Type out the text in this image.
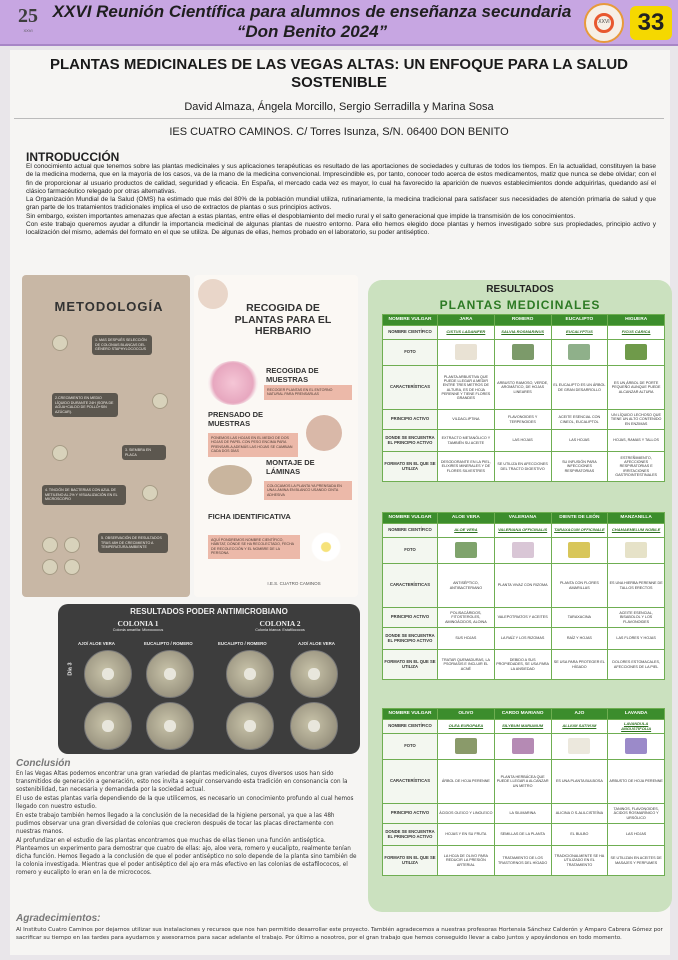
25
XXVI
XXVI Reunión Científica para alumnos de enseñanza secundaria
“Don Benito 2024”	XXVI	33
PLANTAS MEDICINALES DE LAS VEGAS ALTAS: UN ENFOQUE PARA LA SALUD SOSTENIBLE
David Almaza, Ángela Morcillo, Sergio Serradilla y Marina Sosa
IES CUATRO CAMINOS. C/ Torres Isunza, S/N. 06400 DON BENITO
INTRODUCCIÓN

El conocimiento actual que tenemos sobre las plantas medicinales y sus aplicaciones terapéuticas es resultado de las aportaciones de sociedades y culturas de todos los tiempos. En la actualidad, constituyen la base de la medicina moderna, que en la mayoría de los casos, va de la mano de la medicina convencional. Imprescindible es, por tanto, conocer todo acerca de estos medicamentos, matiz que nunca se debe olvidar; con el fin de proporcionar al usuario productos de calidad, seguridad y eficacia. En España, el mercado cada vez es mayor, lo cual ha favorecido la aparición de nuevos establecimientos donde adquirirlas, quedando así el clásico farmacéutico relegado por otras alternativas.

La Organización Mundial de la Salud (OMS) ha estimado que más del 80% de la población mundial utiliza, rutinariamente, la medicina tradicional para satisfacer sus necesidades de atención primaria de salud y que gran parte de los tratamientos tradicionales implica el uso de extractos de plantas o sus principios activos.

Sin embargo, existen importantes amenazas que afectan a estas plantas, entre ellas el despoblamiento del medio rural y el salto generacional que impide la transmisión de los conocimientos.

Con este trabajo queremos ayudar a difundir la importancia medicinal de algunas plantas de nuestro entorno. Para ello hemos elegido doce plantas y hemos investigado sobre sus propiedades, principio activo y localización del mismo, además del formato en el que se utiliza. De algunas de ellas, hemos probado en el laboratorio, su poder antiséptico.

METODOLOGÍA
1. MAS DESPUÉS SELECCIÓN DE COLONIAS BLANCAS DEL GÉNERO STAPHYLOCOCCUS
2.CRECIMIENTO EN MEDIO LÍQUIDO DURANTE 24H (SOPA DE AGUA+CALDO DE POLLO+SIN AZÚCAR).
3. SIEMBRA EN PLACA
4. TINCIÓN DE BACTERIAS CON AZUL DE METILENO AL 2% Y VISUALIZACIÓN EN EL MICROSCOPIO
5. OBSERVACIÓN DE RESULTADOS TRAS 48H DE CRECIMIENTO A TEMPERATURA AMBIENTE
RECOGIDA DE PLANTAS PARA EL HERBARIO
RECOGIDA DE MUESTRAS
RECOGER PLANTAS EN EL ENTORNO NATURAL PARA PRENSARLAS
PRENSADO DE MUESTRAS
PONEMOS LAS HOJAS EN EL MEDIO DE DOS HOJAS DE PAPEL CON PESO ENCIMA PARA PRENSARLA ADEMÁS LAS HOJAS SE CAMBIAN CADA DOS DÍAS
MONTAJE DE LÁMINAS
COLOCAMOS LA PLANTA YA PRENSADA EN UNA LÁMINA EN BLANCO USANDO CINTA ADHESIVA
FICHA IDENTIFICATIVA
AQUÍ PONDREMOS NOMBRE CIENTÍFICO, HÁBITAT, DÓNDE SE HA RECOLECTADO, FECHA DE RECOLECCIÓN Y EL NOMBRE DE LA PERSONA
I.E.S. CUATRO CAMINOS
RESULTADOS PODER ANTIMICROBIANO
COLONIA 1
Colonia amarilla: Micrococcus
COLONIA 2
Colonia blanca: Estafilococos
AJO/ ALOE VERA	EUCALIPTO / ROMERO	EUCALIPTO / ROMERO	AJO/ ALOE VERA
Día 3
Conclusión

En las Vegas Altas podemos encontrar una gran variedad de plantas medicinales, cuyos diversos usos han sido transmitidos de generación a generación, esto nos invita a seguir conservando esta tradición en consonancia con la sostenibilidad, tan necesaria y demandada por la sociedad actual.

El uso de estas plantas varía dependiendo de la que utilicemos, es necesario un conocimiento profundo al cual hemos llegado con nuestro estudio.

En este trabajo también hemos llegado a la conclusión de la necesidad de la higiene personal, ya que a las 48h pudimos observar una gran diversidad de colonias que crecieron después de tocar las placas directamente con nuestras manos.

Al profundizar en el estudio de las plantas encontramos que muchas de ellas tienen una función antiséptica. Planteamos un experimento para demostrar que cuatro de ellas: ajo, aloe vera, romero y eucalipto, realmente tenían dicha función. Hemos llegado a la conclusión de que el poder antiséptico no solo depende de la planta sino también de la colonia investigada. Mientras que el poder antiséptico del ajo era más efectivo en las colonias de estafilococos, el romero y eucalipto lo eran en la de micrococos.

Agradecimientos:
Al Instituto Cuatro Caminos por dejarnos utilizar sus instalaciones y recursos que nos han permitido desarrollar este proyecto. También agradecemos a nuestras profesoras Hortensia Sánchez Calderón y Amparo Cabrera Gómez por sacrificar su tiempo en las tardes para ayudarnos y asesorarnos para sacar adelante el trabajo. Por último a nosotros, por el gran trabajo que hemos conseguido llevar a cabo juntos y apoyándonos en todo momento.
RESULTADOS
PLANTAS MEDICINALES
NOMBRE VULGAR	JARA	ROMERO	EUCALIPTO	HIGUERA
NOMBRE CIENTÍFICO	CISTUS LADANIFER	SALVIA ROSMARINUS	EUCALYPTUS	FICUS CARICA
FOTO				
CARACTERÍSTICAS	PLANTA ARBUSTIVA QUE PUEDE LLEGAR A MEDIR ENTRE TRES METROS DE ALTURA, ES DE HOJA PERENNE Y TIENE FLORES GRANDES	ARBUSTO RAMOSO, VERDE, AROMÁTICO, DE HOJAS LINEARES	EL EUCALIPTO ES UN ÁRBOL DE GRAN DESARROLLO	ES UN ÁRBOL DE PORTE PEQUEÑO AUNQUE PUEDE ALCANZAR ALTURA
PRINCIPIO ACTIVO	VILDACLIPTINA	FLAVONOIDES Y TERPENOIDES	ACEITE ESENCIAL CON CINEOL, EUCALIPTOL	UN LÍQUIDO LECHOSO QUE TIENE UN ALTO CONTENIDO EN ENZIMAS
DONDE SE ENCUENTRA EL PRINCIPIO ACTIVO	EXTRACTO METANÓLICO Y TAMBIÉN SU ACEITE	LAS HOJAS	LAS HOJAS	HOJAS, RAMAS Y TALLOS
FORMATO EN EL QUE SE UTILIZA	DESODORANTE EN LA PIEL, ELIXIRES MINERALES Y DE FLORES SILVESTRES	SE UTILIZA EN AFECCIONES DEL TRACTO DIGESTIVO	SU INFUSIÓN PARA INFECCIONES RESPIRATORIAS	ESTREÑIMIENTO, AFECCIONES RESPIRATORIAS E IRRITACIONES GASTROINTESTINALES
NOMBRE VULGAR	ALOE VERA	VALERIANA	DIENTE DE LEÓN	MANZANILLA
NOMBRE CIENTÍFICO	ALOE VERA	VALERIANA OFFICINALIS	TARAXACUM OFFICINALE	CHAMAEMELUM NOBILE
FOTO				
CARACTERÍSTICAS	ANTISÉPTICO, ANTIBACTERIANO	PLANTA VIVAZ CON RIZOMA	PLANTA CON FLORES AMARILLAS	ES UNA HIERBA PERENNE DE TALLOS ERECTOS
PRINCIPIO ACTIVO	POLISACÁRIDOS, FITOSTEROLES, AMINOÁCIDOS, ALOINA	VALEPOTRIATOS Y ACEITES	TARAXACINA	ACEITE ESENCIAL, BISABOLOL Y LOS FLAVONOIDES
DONDE SE ENCUENTRA EL PRINCIPIO ACTIVO	SUS HOJAS	LA RAÍZ Y LOS RIZOMAS	RAÍZ Y HOJAS	LAS FLORES Y HOJAS
FORMATO EN EL QUE SE UTILIZA	TRATAR QUEMADURAS, LA PSORIASIS E INCLUIR EL ACNÉ	DEBIDO A SUS PROPIEDADES, SE USA PARA LA ANSIEDAD	SE USA PARA PROTEGER EL HÍGADO	DOLORES ESTOMACALES, AFECCIONES DE LA PIEL
NOMBRE VULGAR	OLIVO	CARDO MARIANO	AJO	LAVANDA
NOMBRE CIENTÍFICO	OLEA EUROPAEA	SILYBUM MARIANUM	ALLIUM SATIVUM	LAVANDULA ANGUSTIFOLIA
FOTO				
CARACTERÍSTICAS	ÁRBOL DE HOJA PERENNE	PLANTA HERBÁCEA QUE PUEDE LLEGAR A ALCANZAR UN METRO	ES UNA PLANTA BULBOSA	ARBUSTO DE HOJA PERENNE
PRINCIPIO ACTIVO	ÁCIDOS OLEICO Y LINOLEICO	LA SILIMARINA	ALICINA O S-ALILCISTEÍNA	TANINOS, FLAVONOIDES, ÁCIDOS ROSMARÍNICO Y URSÓLICO
DONDE SE ENCUENTRA EL PRINCIPIO ACTIVO	HOJAS Y EN SU FRUTA	SEMILLAS DE LA PLANTA	EL BULBO	LAS HOJAS
FORMATO EN EL QUE SE UTILIZA	LA HOJA DE OLIVO PARA REDUCIR LA PRESIÓN ARTERIAL	TRATAMIENTO DE LOS TRASTORNOS DEL HÍGADO	TRADICIONALMENTE SE HA UTILIZADO EN EL TRATAMIENTO	SE UTILIZAN EN ACEITES DE MASAJES Y PERFUMES
